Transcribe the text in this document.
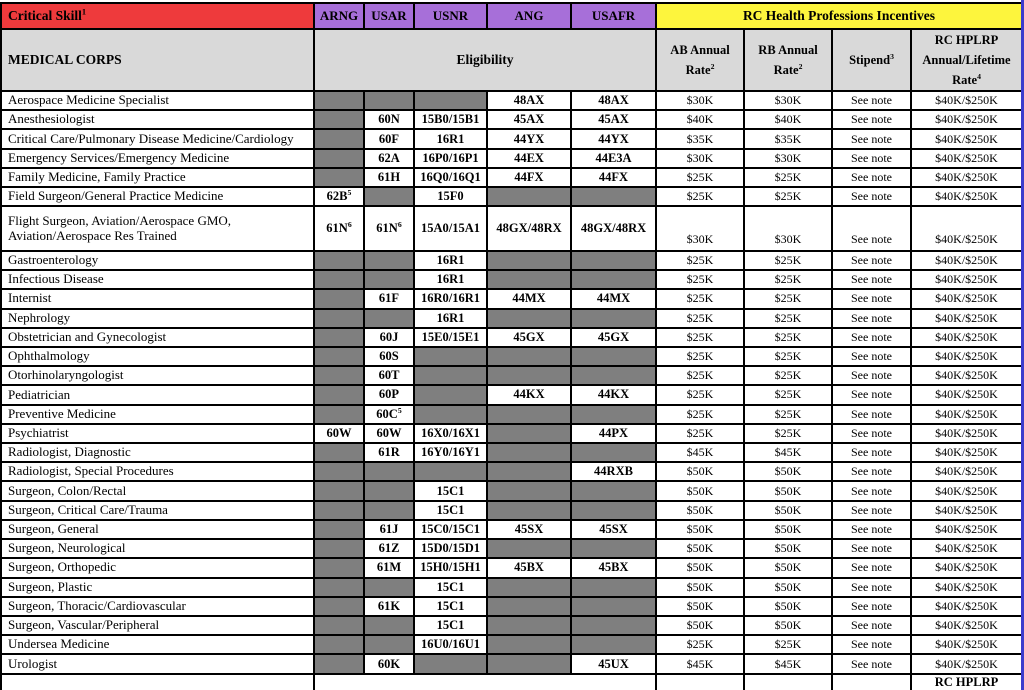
Critical Skill$^1$	ARNG	USAR	USNR	ANG	USAFR	RC Health Professions Incentives			
MEDICAL CORPS	Eligibility					AB Annual Rate$^2$	RB Annual Rate$^2$	Stipend$^3$	RC HPLRP Annual/Lifetime Rate$^4$
Aerospace Medicine Specialist				48AX	48AX	$30K	$30K	See note	$40K/$250K
Anesthesiologist		60N	15B0/15B1	45AX	45AX	$40K	$40K	See note	$40K/$250K
Critical Care/Pulmonary Disease Medicine/Cardiology		60F	16R1	44YX	44YX	$35K	$35K	See note	$40K/$250K
Emergency Services/Emergency Medicine		62A	16P0/16P1	44EX	44E3A	$30K	$30K	See note	$40K/$250K
Family Medicine, Family Practice		61H	16Q0/16Q1	44FX	44FX	$25K	$25K	See note	$40K/$250K
Field Surgeon/General Practice Medicine	$62B^5$		15F0			$25K	$25K	See note	$40K/$250K
Flight Surgeon, Aviation/Aerospace GMO, Aviation/Aerospace Res Trained	$61N^6$	$61N^6$	15A0/15A1	48GX/48RX	48GX/48RX	$30K	$30K	See note	$40K/$250K
Gastroenterology			16R1			$25K	$25K	See note	$40K/$250K
Infectious Disease			16R1			$25K	$25K	See note	$40K/$250K
Internist		61F	16R0/16R1	44MX	44MX	$25K	$25K	See note	$40K/$250K
Nephrology			16R1			$25K	$25K	See note	$40K/$250K
Obstetrician and Gynecologist		60J	15E0/15E1	45GX	45GX	$25K	$25K	See note	$40K/$250K
Ophthalmology		60S				$25K	$25K	See note	$40K/$250K
Otorhinolaryngologist		60T				$25K	$25K	See note	$40K/$250K
Pediatrician		60P		44KX	44KX	$25K	$25K	See note	$40K/$250K
Preventive Medicine		$60C^5$				$25K	$25K	See note	$40K/$250K
Psychiatrist	60W	60W	16X0/16X1		44PX	$25K	$25K	See note	$40K/$250K
Radiologist, Diagnostic		61R	16Y0/16Y1			$45K	$45K	See note	$40K/$250K
Radiologist, Special Procedures					44RXB	$50K	$50K	See note	$40K/$250K
Surgeon, Colon/Rectal			15C1			$50K	$50K	See note	$40K/$250K
Surgeon, Critical Care/Trauma			15C1			$50K	$50K	See note	$40K/$250K
Surgeon, General		61J	15C0/15C1	45SX	45SX	$50K	$50K	See note	$40K/$250K
Surgeon, Neurological		61Z	15D0/15D1			$50K	$50K	See note	$40K/$250K
Surgeon, Orthopedic		61M	15H0/15H1	45BX	45BX	$50K	$50K	See note	$40K/$250K
Surgeon, Plastic			15C1			$50K	$50K	See note	$40K/$250K
Surgeon, Thoracic/Cardiovascular		61K	15C1			$50K	$50K	See note	$40K/$250K
Surgeon, Vascular/Peripheral			15C1			$50K	$50K	See note	$40K/$250K
Undersea Medicine			16U0/16U1			$25K	$25K	See note	$40K/$250K
Urologist		60K			45UX	$45K	$45K	See note	$40K/$250K
									RC HPLRP
